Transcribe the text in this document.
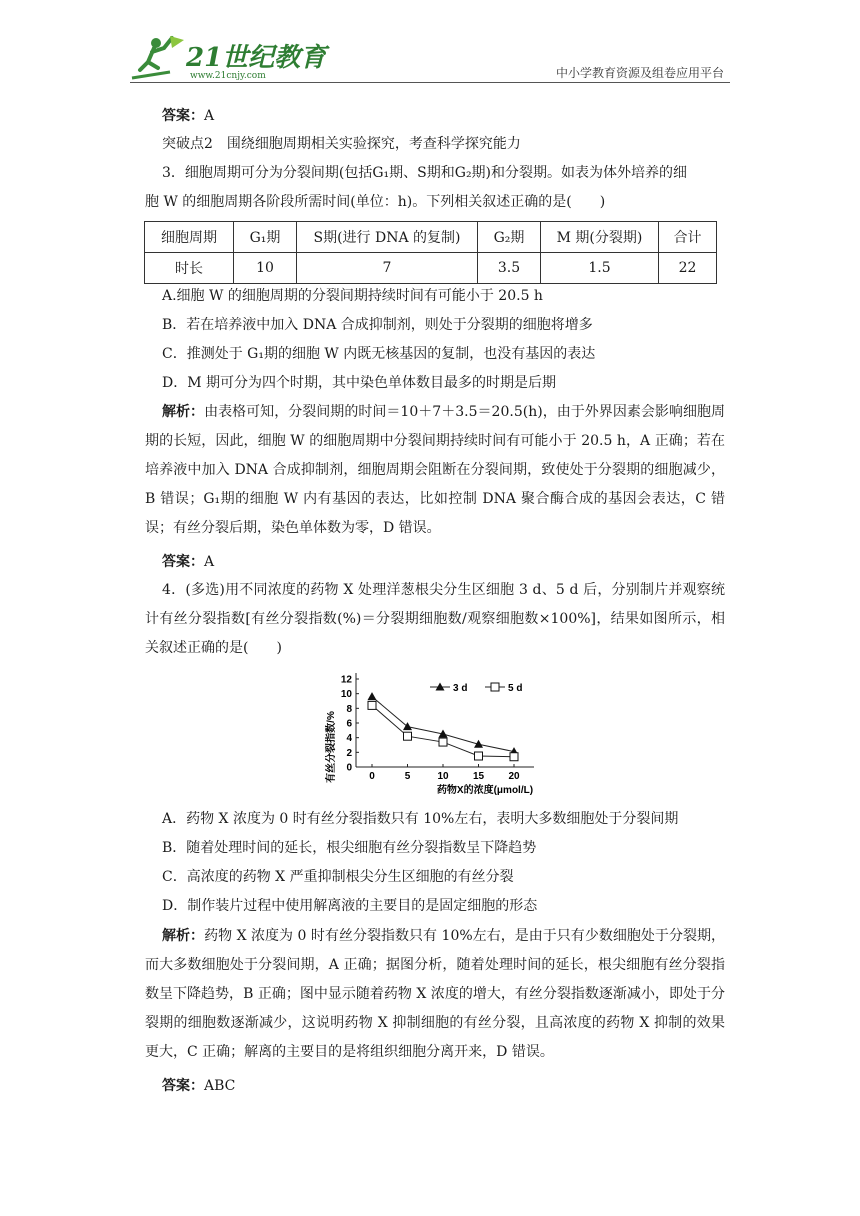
21世纪教育
www.21cnjy.com	中小学教育资源及组卷应用平台
答案：A
突破点2　围绕细胞周期相关实验探究，考查科学探究能力
3．细胞周期可分为分裂间期(包括G₁期、S期和G₂期)和分裂期。如表为体外培养的细
胞 W 的细胞周期各阶段所需时间(单位：h)。下列相关叙述正确的是(　　)
细胞周期	G₁期	S期(进行 DNA 的复制)	G₂期	M 期(分裂期)	合计
时长	10	7	3.5	1.5	22
A.细胞 W 的细胞周期的分裂间期持续时间有可能小于 20.5 h
B．若在培养液中加入 DNA 合成抑制剂，则处于分裂期的细胞将增多
C．推测处于 G₁期的细胞 W 内既无核基因的复制，也没有基因的表达
D．M 期可分为四个时期，其中染色单体数目最多的时期是后期
解析：由表格可知，分裂间期的时间＝10＋7＋3.5＝20.5(h)，由于外界因素会影响细胞周期的长短，因此，细胞 W 的细胞周期中分裂间期持续时间有可能小于 20.5 h，A 正确；若在培养液中加入 DNA 合成抑制剂，细胞周期会阻断在分裂间期，致使处于分裂期的细胞减少，B 错误；G₁期的细胞 W 内有基因的表达，比如控制 DNA 聚合酶合成的基因会表达，C 错误；有丝分裂后期，染色单体数为零，D 错误。
答案：A
4．(多选)用不同浓度的药物 X 处理洋葱根尖分生区细胞 3 d、5 d 后，分别制片并观察统计有丝分裂指数[有丝分裂指数(%)＝分裂期细胞数/观察细胞数×100%]，结果如图所示，相关叙述正确的是(　　)
有丝分裂指数/%
药物X的浓度(μmol/L)
0
2
4
6
8
10
12
0	5	10 15 20
3 d	5 d
A．药物 X 浓度为 0 时有丝分裂指数只有 10%左右，表明大多数细胞处于分裂间期
B．随着处理时间的延长，根尖细胞有丝分裂指数呈下降趋势
C．高浓度的药物 X 严重抑制根尖分生区细胞的有丝分裂
D．制作装片过程中使用解离液的主要目的是固定细胞的形态
解析：药物 X 浓度为 0 时有丝分裂指数只有 10%左右，是由于只有少数细胞处于分裂期，而大多数细胞处于分裂间期，A 正确；据图分析，随着处理时间的延长，根尖细胞有丝分裂指数呈下降趋势，B 正确；图中显示随着药物 X 浓度的增大，有丝分裂指数逐渐减小，即处于分裂期的细胞数逐渐减少，这说明药物 X 抑制细胞的有丝分裂，且高浓度的药物 X 抑制的效果更大，C 正确；解离的主要目的是将组织细胞分离开来，D 错误。
答案：ABC
